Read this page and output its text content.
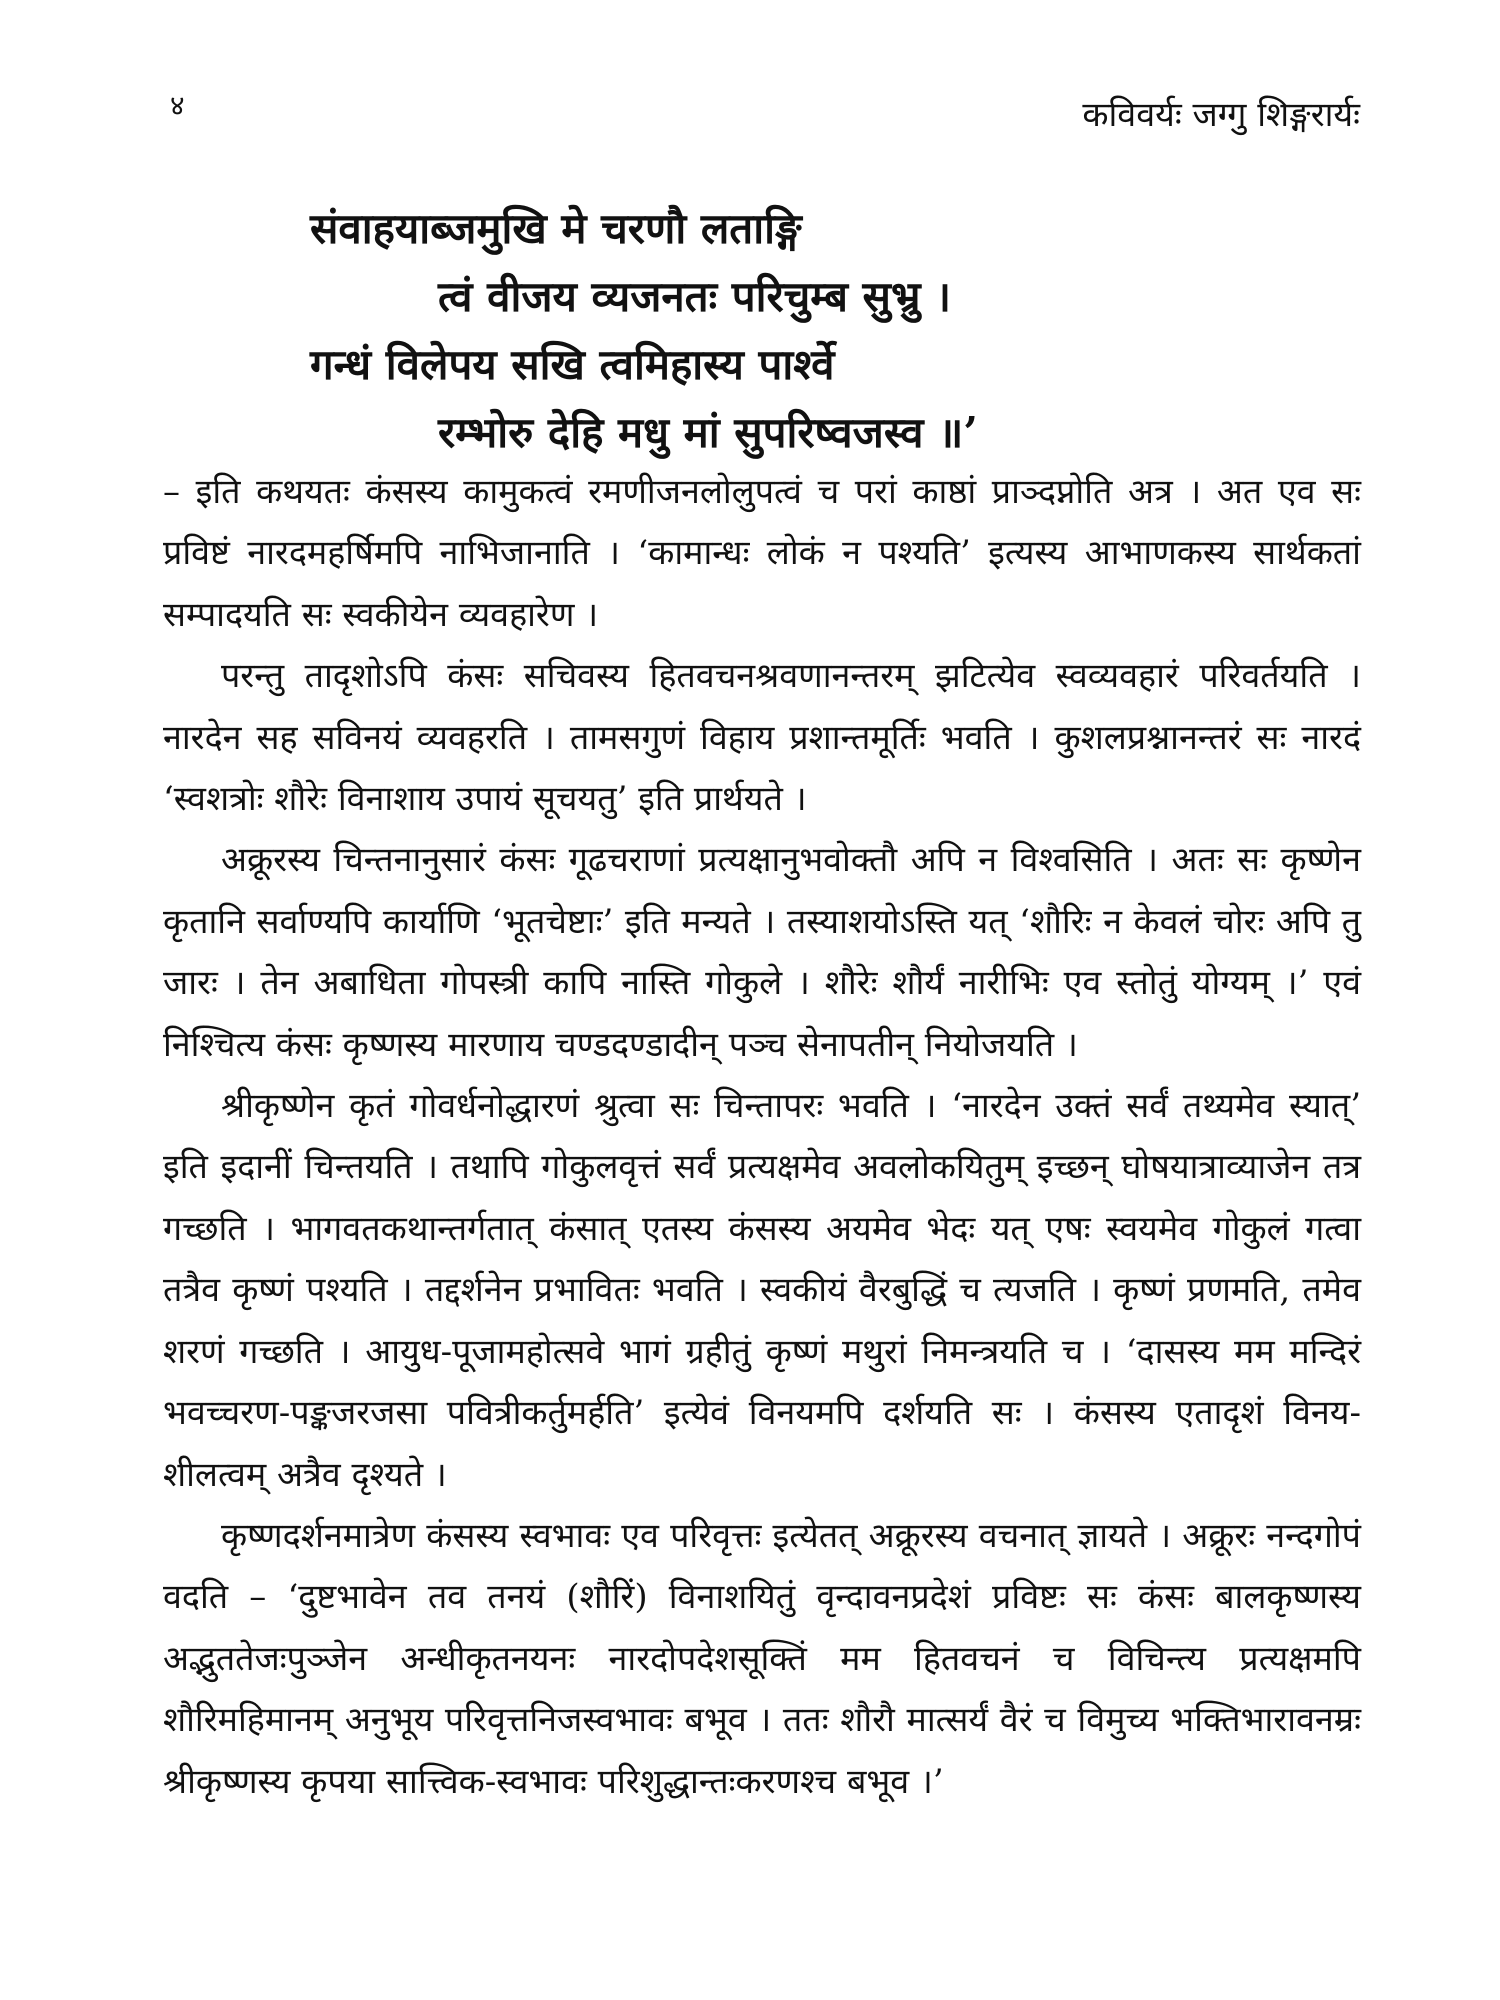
४	कविवर्यः जग्गु शिङ्गरार्यः
संवाहयाब्जमुखि मे चरणौ लताङ्गि
त्वं वीजय व्यजनतः परिचुम्ब सुभ्रु ।
गन्धं विलेपय सखि त्वमिहास्य पार्श्वे
रम्भोरु देहि मधु मां सुपरिष्वजस्व ॥’

– इति कथयतः कंसस्य कामुकत्वं रमणीजनलोलुपत्वं च परां काष्ठां प्राञ्दप्नोति अत्र । अत एव सः प्रविष्टं नारदमहर्षिमपि नाभिजानाति । ‘कामान्धः लोकं न पश्यति’ इत्यस्य आभाणकस्य सार्थकतां सम्पादयति सः स्वकीयेन व्यवहारेण ।

परन्तु तादृशोऽपि कंसः सचिवस्य हितवचनश्रवणानन्तरम् झटित्येव स्वव्यवहारं परिवर्तयति । नारदेन सह सविनयं व्यवहरति । तामसगुणं विहाय प्रशान्तमूर्तिः भवति । कुशलप्रश्नानन्तरं सः नारदं ‘स्वशत्रोः शौरेः विनाशाय उपायं सूचयतु’ इति प्रार्थयते ।

अक्रूरस्य चिन्तनानुसारं कंसः गूढचराणां प्रत्यक्षानुभवोक्तौ अपि न विश्वसिति । अतः सः कृष्णेन कृतानि सर्वाण्यपि कार्याणि ‘भूतचेष्टाः’ इति मन्यते । तस्याशयोऽस्ति यत् ‘शौरिः न केवलं चोरः अपि तु जारः । तेन अबाधिता गोपस्त्री कापि नास्ति गोकुले । शौरेः शौर्यं नारीभिः एव स्तोतुं योग्यम् ।’ एवं निश्चित्य कंसः कृष्णस्य मारणाय चण्डदण्डादीन् पञ्च सेनापतीन् नियोजयति ।

श्रीकृष्णेन कृतं गोवर्धनोद्धारणं श्रुत्वा सः चिन्तापरः भवति । ‘नारदेन उक्तं सर्वं तथ्यमेव स्यात्’ इति इदानीं चिन्तयति । तथापि गोकुलवृत्तं सर्वं प्रत्यक्षमेव अवलोकयितुम् इच्छन् घोषयात्राव्याजेन तत्र गच्छति । भागवतकथान्तर्गतात् कंसात् एतस्य कंसस्य अयमेव भेदः यत् एषः स्वयमेव गोकुलं गत्वा तत्रैव कृष्णं पश्यति । तद्दर्शनेन प्रभावितः भवति । स्वकीयं वैरबुद्धिं च त्यजति । कृष्णं प्रणमति, तमेव शरणं गच्छति । आयुध-पूजामहोत्सवे भागं ग्रहीतुं कृष्णं मथुरां निमन्त्रयति च । ‘दासस्य मम मन्दिरं भवच्चरण-पङ्कजरजसा पवित्रीकर्तुमर्हति’ इत्येवं विनयमपि दर्शयति सः । कंसस्य एतादृशं विनय-शीलत्वम् अत्रैव दृश्यते ।

कृष्णदर्शनमात्रेण कंसस्य स्वभावः एव परिवृत्तः इत्येतत् अक्रूरस्य वचनात् ज्ञायते । अक्रूरः नन्दगोपं वदति – ‘दुष्टभावेन तव तनयं (शौरिं) विनाशयितुं वृन्दावनप्रदेशं प्रविष्टः सः कंसः बालकृष्णस्य अद्भुततेजःपुञ्जेन अन्धीकृतनयनः नारदोपदेशसूक्तिं मम हितवचनं च विचिन्त्य प्रत्यक्षमपि शौरिमहिमानम् अनुभूय परिवृत्तनिजस्वभावः बभूव । ततः शौरौ मात्सर्यं वैरं च विमुच्य भक्तिभारावनम्रः श्रीकृष्णस्य कृपया सात्त्विक-स्वभावः परिशुद्धान्तःकरणश्च बभूव ।’
